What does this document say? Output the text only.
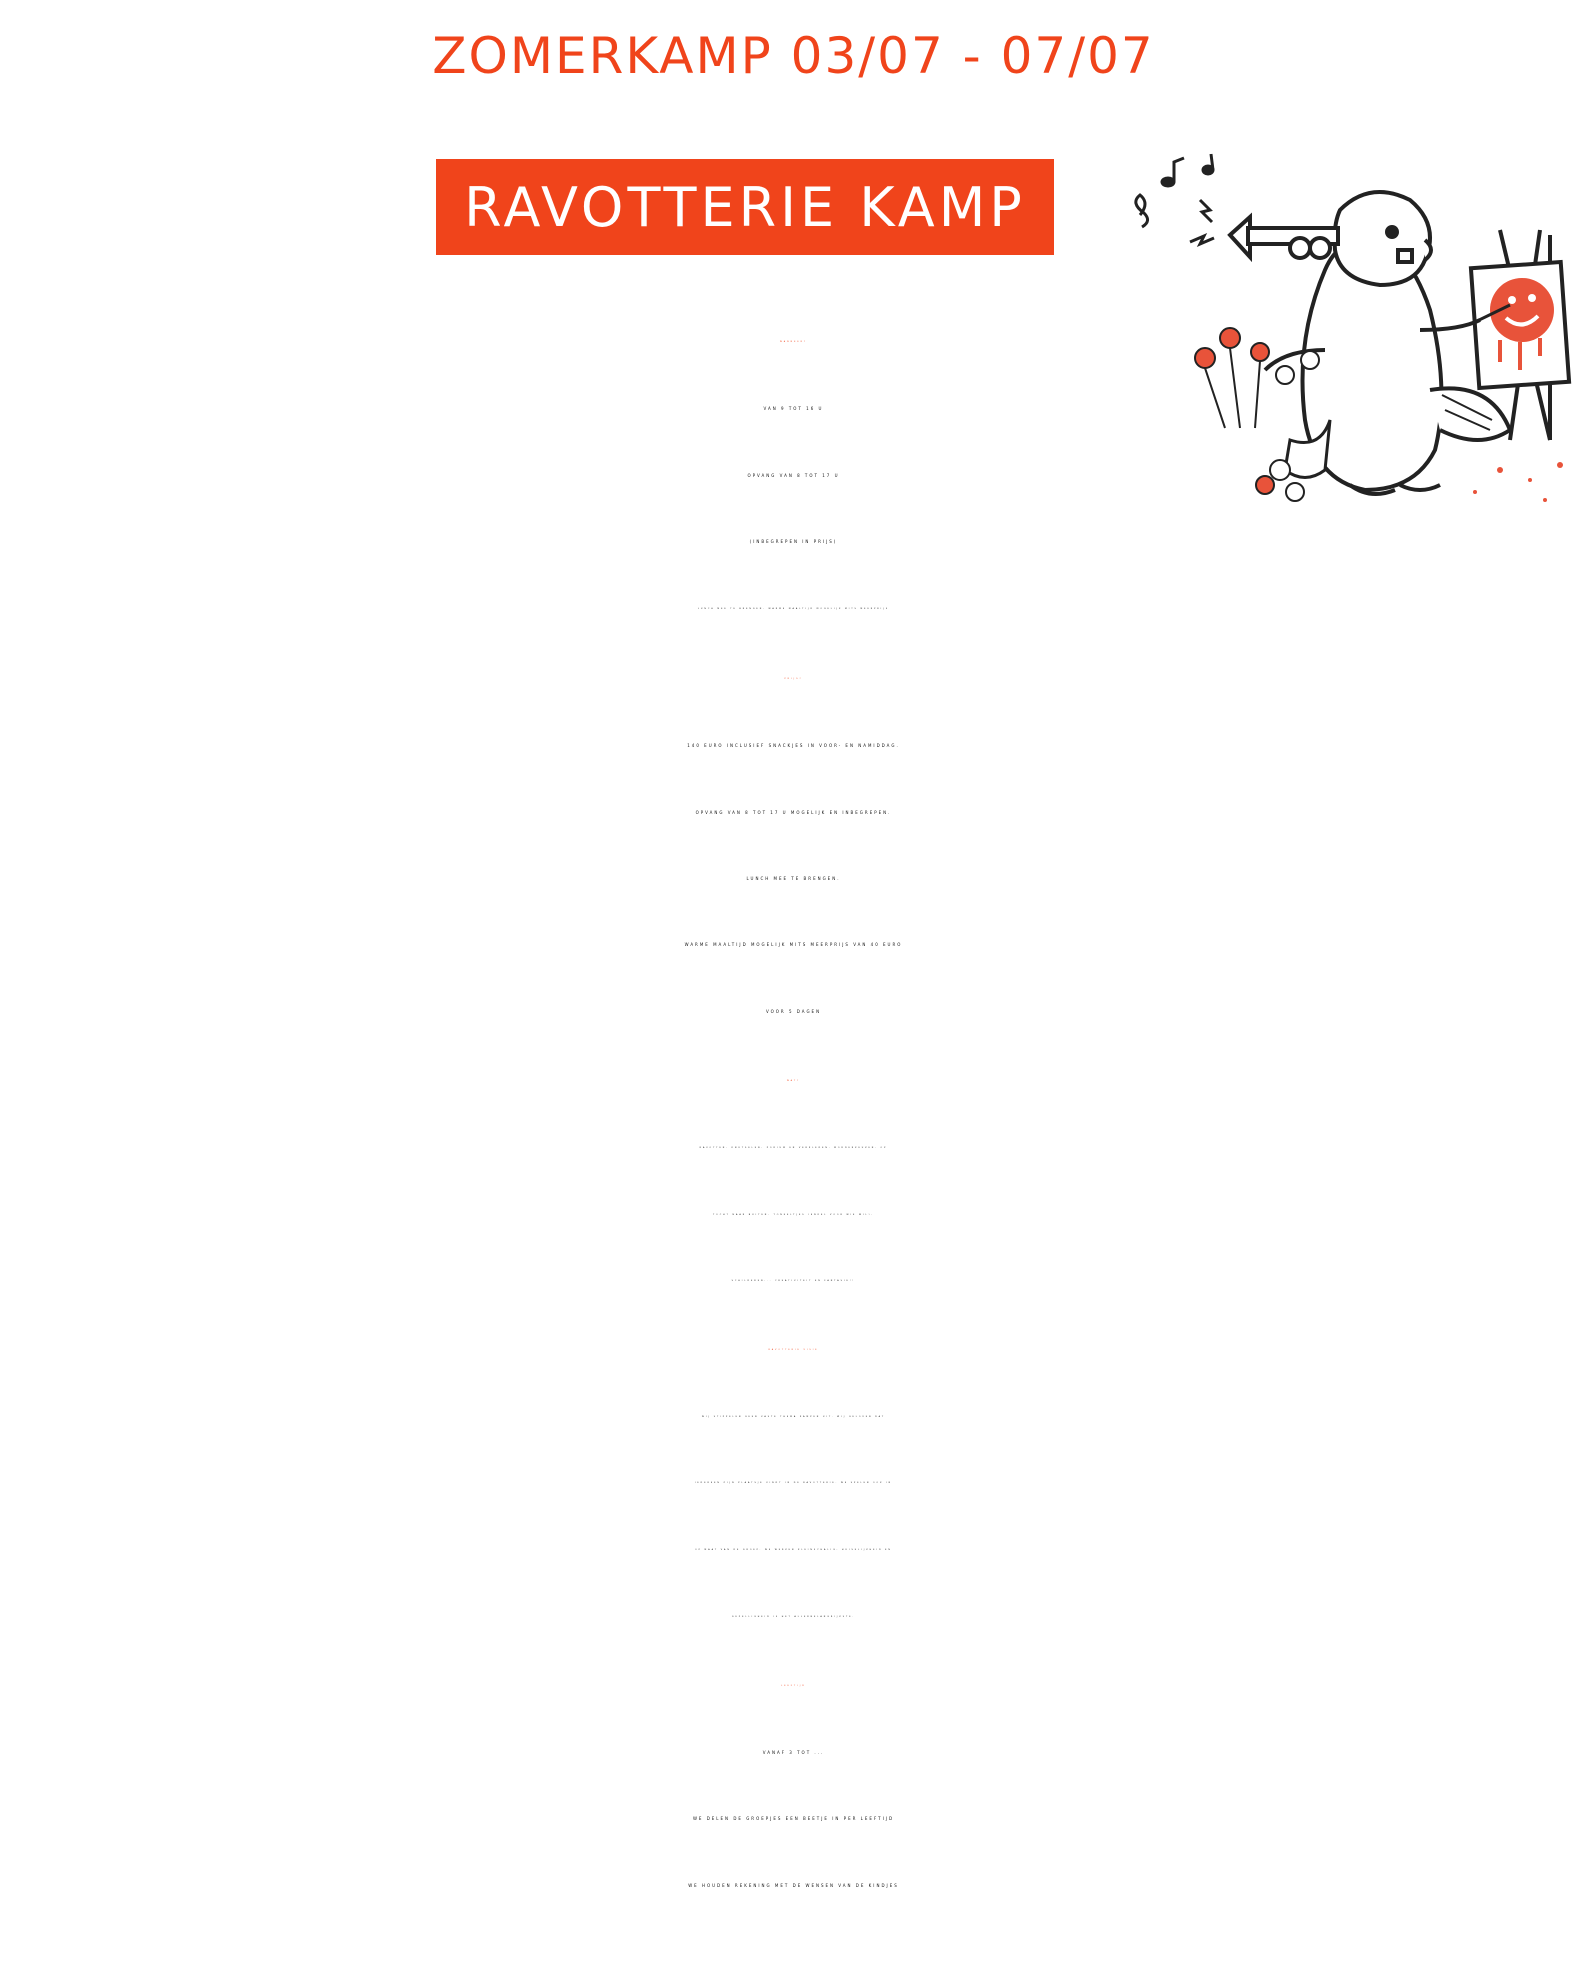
ZOMERKAMP 03/07 - 07/07
RAVOTTERIE KAMP
WANNEER?
VAN 9 TOT 16 U
OPVANG VAN 8 TOT 17 U
(INBEGREPEN IN PRIJS)
LUNCH MEE TE BRENGEN, WARME MAALTIJD MOGELIJK MITS MEERPRIJS
PRIJS?
140 EURO INCLUSIEF SNACKJES IN VOOR- EN NAMIDDAG.
OPVANG VAN 8 TOT 17 U MOGELIJK EN INBEGREPEN.
LUNCH MEE TE BRENGEN.
WARME MAALTIJD MOGELIJK MITS MEERPRIJS VAN 40 EURO
VOOR 5 DAGEN
WAT?
RAVOTTEN, KNUTSELEN, PODIUM EN VERKLEDEN, MODDERKEUKEN, OP
TOCHT NAAR BUITEN, TONEELTJES (ENKEL VOOR WIE WIL),
SCHILDEREN,.. CREATIVITEIT EN FANTASIE!!
RAVOTTERIE VISIE
WIJ STIPPELEN GEEN VASTE THEMA KAMPEN UIT. WIJ GELOVEN DAT
IEDEREEN ZIJN PLAATSJE VINDT IN DE RAVOTTERIE. WE SPELEN OOK IN
OP MAAT VAN DE GROEP. WE WERKEN KLEINSCHALIG: HUISELIJKHEID EN
GEZELLIGHEID IS HET ALLERBELANGRIJKSTE.
LEEFTIJD
VANAF 3 TOT ...
WE DELEN DE GROEPJES EEN BEETJE IN PER LEEFTIJD
WE HOUDEN REKENING MET DE WENSEN VAN DE KINDJES
